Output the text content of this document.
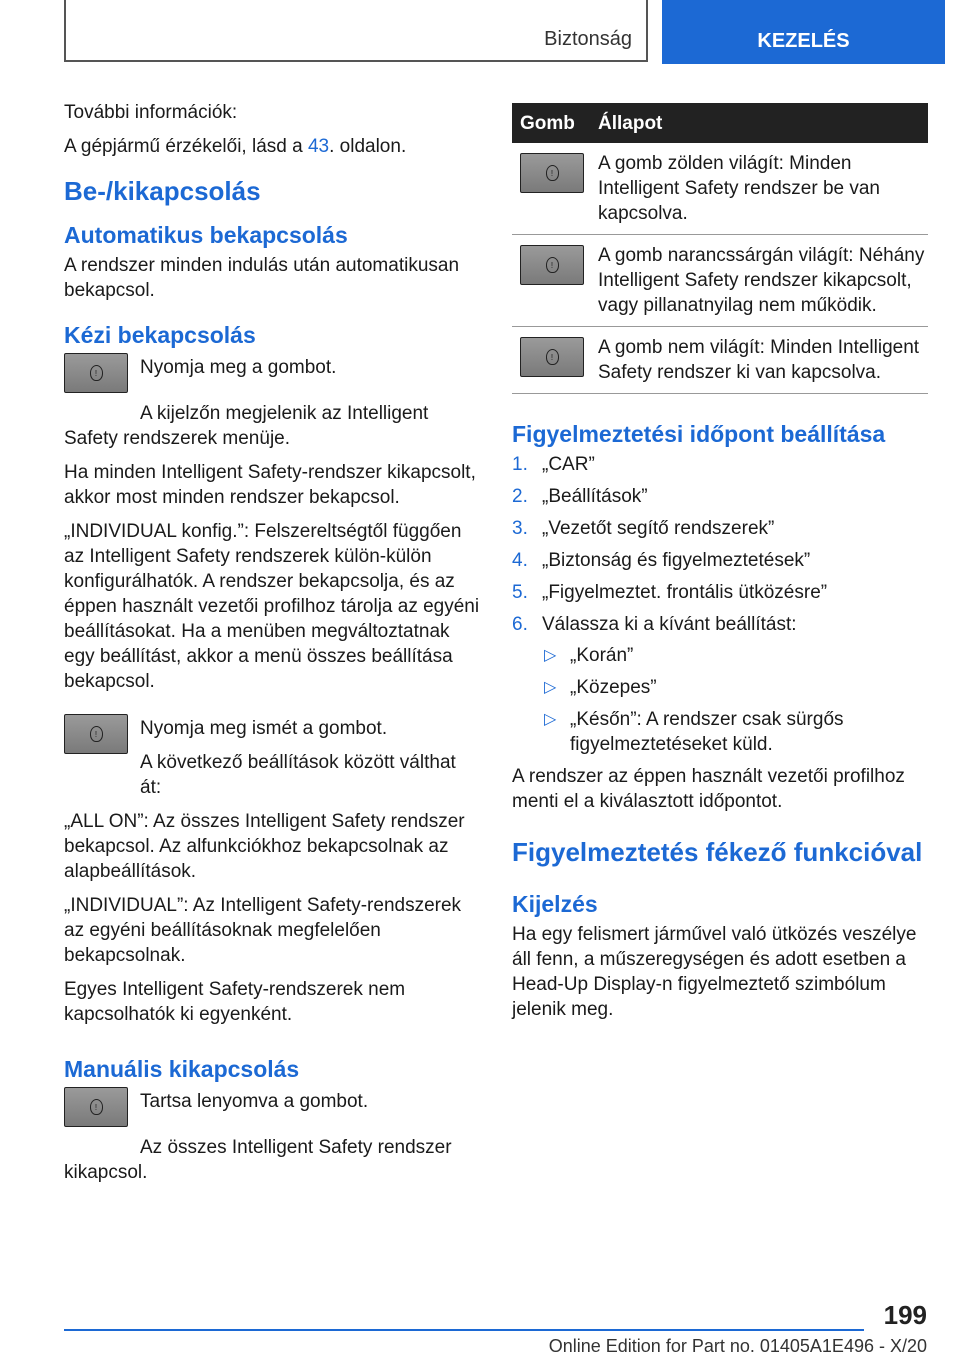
Biztonság	KEZELÉS

További információk:

A gépjármű érzékelői, lásd a 43. oldalon.

Be-/kikapcsolás
Automatikus bekapcsolás

A rendszer minden indulás után automatikusan bekapcsol.

Kézi bekapcsolás
!	Nyomja meg a gombot.

A kijelzőn megjelenik az Intelligent Safety rendszerek menüje.

Ha minden Intelligent Safety-rendszer kikapcsolt, akkor most minden rendszer bekapcsol.

„INDIVIDUAL konfig.”: Felszereltségtől függően az Intelligent Safety rendszerek külön-külön konfigurálhatók. A rendszer bekapcsolja, és az éppen használt vezetői profilhoz tárolja az egyéni beállításokat. Ha a menüben megváltoztatnak egy beállítást, akkor a menü összes beállítása bekapcsol.

!	Nyomja meg ismét a gombot.

A következő beállítások között válthat át:

„ALL ON”: Az összes Intelligent Safety rendszer bekapcsol. Az alfunkciókhoz bekapcsolnak az alapbeállítások.

„INDIVIDUAL”: Az Intelligent Safety-rendszerek az egyéni beállításoknak megfelelően bekapcsolnak.

Egyes Intelligent Safety-rendszerek nem kapcsolhatók ki egyenként.

Manuális kikapcsolás
!	Tartsa lenyomva a gombot.

Az összes Intelligent Safety rendszer kikapcsol.

Gomb	Állapot

!	A gomb zölden világít: Minden Intelligent Safety rendszer be van kapcsolva.

!	A gomb narancssárgán világít: Néhány Intelligent Safety rendszer kikapcsolt, vagy pillanatnyilag nem működik.

!	A gomb nem világít: Minden Intelligent Safety rendszer ki van kapcsolva.
Figyelmeztetési időpont beállítása
1. „CAR”
2. „Beállítások”
3. „Vezetőt segítő rendszerek”
4. „Biztonság és figyelmeztetések”
5. „Figyelmeztet. frontális ütközésre”
6. Válassza ki a kívánt beállítást:
▷ „Korán”
▷ „Közepes”
▷ „Későn”: A rendszer csak sürgős figyelmeztetéseket küld.

A rendszer az éppen használt vezetői profilhoz menti el a kiválasztott időpontot.

Figyelmeztetés fékező funkcióval
Kijelzés

Ha egy felismert járművel való ütközés veszélye áll fenn, a műszeregységen és adott esetben a Head-Up Display-n figyelmeztető szimbólum jelenik meg.

199
Online Edition for Part no. 01405A1E496 - X/20
